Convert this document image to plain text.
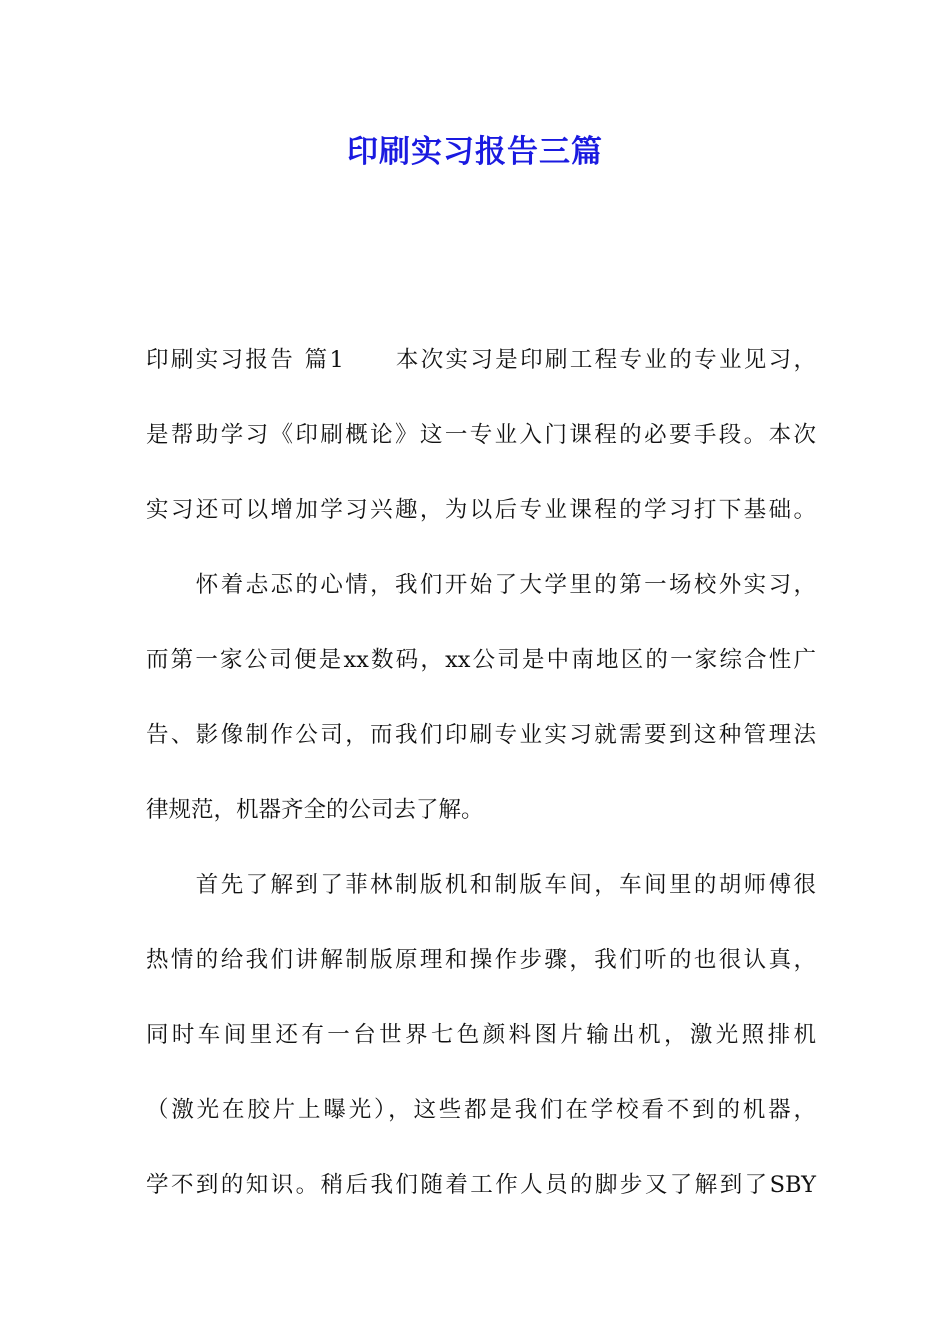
印刷实习报告三篇
印刷实习报告 篇1　　本次实习是印刷工程专业的专业见习，
是帮助学习《印刷概论》这一专业入门课程的必要手段。本次
实习还可以增加学习兴趣，为以后专业课程的学习打下基础。
　　怀着忐忑的心情，我们开始了大学里的第一场校外实习，
而第一家公司便是xx数码，xx公司是中南地区的一家综合性广
告、影像制作公司，而我们印刷专业实习就需要到这种管理法
律规范，机器齐全的公司去了解。
　　首先了解到了菲林制版机和制版车间，车间里的胡师傅很
热情的给我们讲解制版原理和操作步骤，我们听的也很认真，
同时车间里还有一台世界七色颜料图片输出机，激光照排机
（激光在胶片上曝光），这些都是我们在学校看不到的机器，
学不到的知识。稍后我们随着工作人员的脚步又了解到了SBY
